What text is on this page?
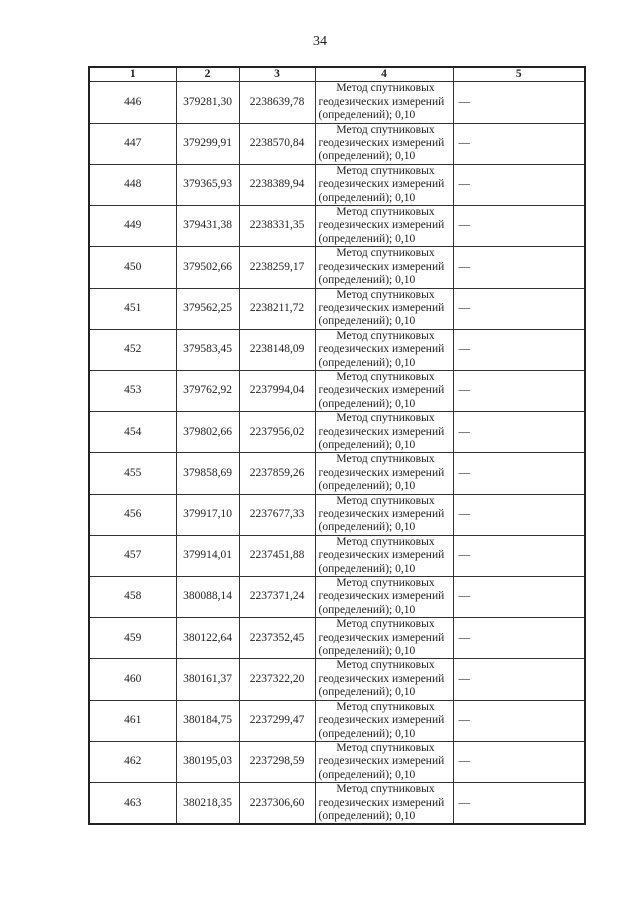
34
1	2	3	4	5
446	379281,30	2238639,78	Метод спутниковых
геодезических измерений
(определений); 0,10	—
447	379299,91	2238570,84	Метод спутниковых
геодезических измерений
(определений); 0,10	—
448	379365,93	2238389,94	Метод спутниковых
геодезических измерений
(определений); 0,10	—
449	379431,38	2238331,35	Метод спутниковых
геодезических измерений
(определений); 0,10	—
450	379502,66	2238259,17	Метод спутниковых
геодезических измерений
(определений); 0,10	—
451	379562,25	2238211,72	Метод спутниковых
геодезических измерений
(определений); 0,10	—
452	379583,45	2238148,09	Метод спутниковых
геодезических измерений
(определений); 0,10	—
453	379762,92	2237994,04	Метод спутниковых
геодезических измерений
(определений); 0,10	—
454	379802,66	2237956,02	Метод спутниковых
геодезических измерений
(определений); 0,10	—
455	379858,69	2237859,26	Метод спутниковых
геодезических измерений
(определений); 0,10	—
456	379917,10	2237677,33	Метод спутниковых
геодезических измерений
(определений); 0,10	—
457	379914,01	2237451,88	Метод спутниковых
геодезических измерений
(определений); 0,10	—
458	380088,14	2237371,24	Метод спутниковых
геодезических измерений
(определений); 0,10	—
459	380122,64	2237352,45	Метод спутниковых
геодезических измерений
(определений); 0,10	—
460	380161,37	2237322,20	Метод спутниковых
геодезических измерений
(определений); 0,10	—
461	380184,75	2237299,47	Метод спутниковых
геодезических измерений
(определений); 0,10	—
462	380195,03	2237298,59	Метод спутниковых
геодезических измерений
(определений); 0,10	—
463	380218,35	2237306,60	Метод спутниковых
геодезических измерений
(определений); 0,10	—
